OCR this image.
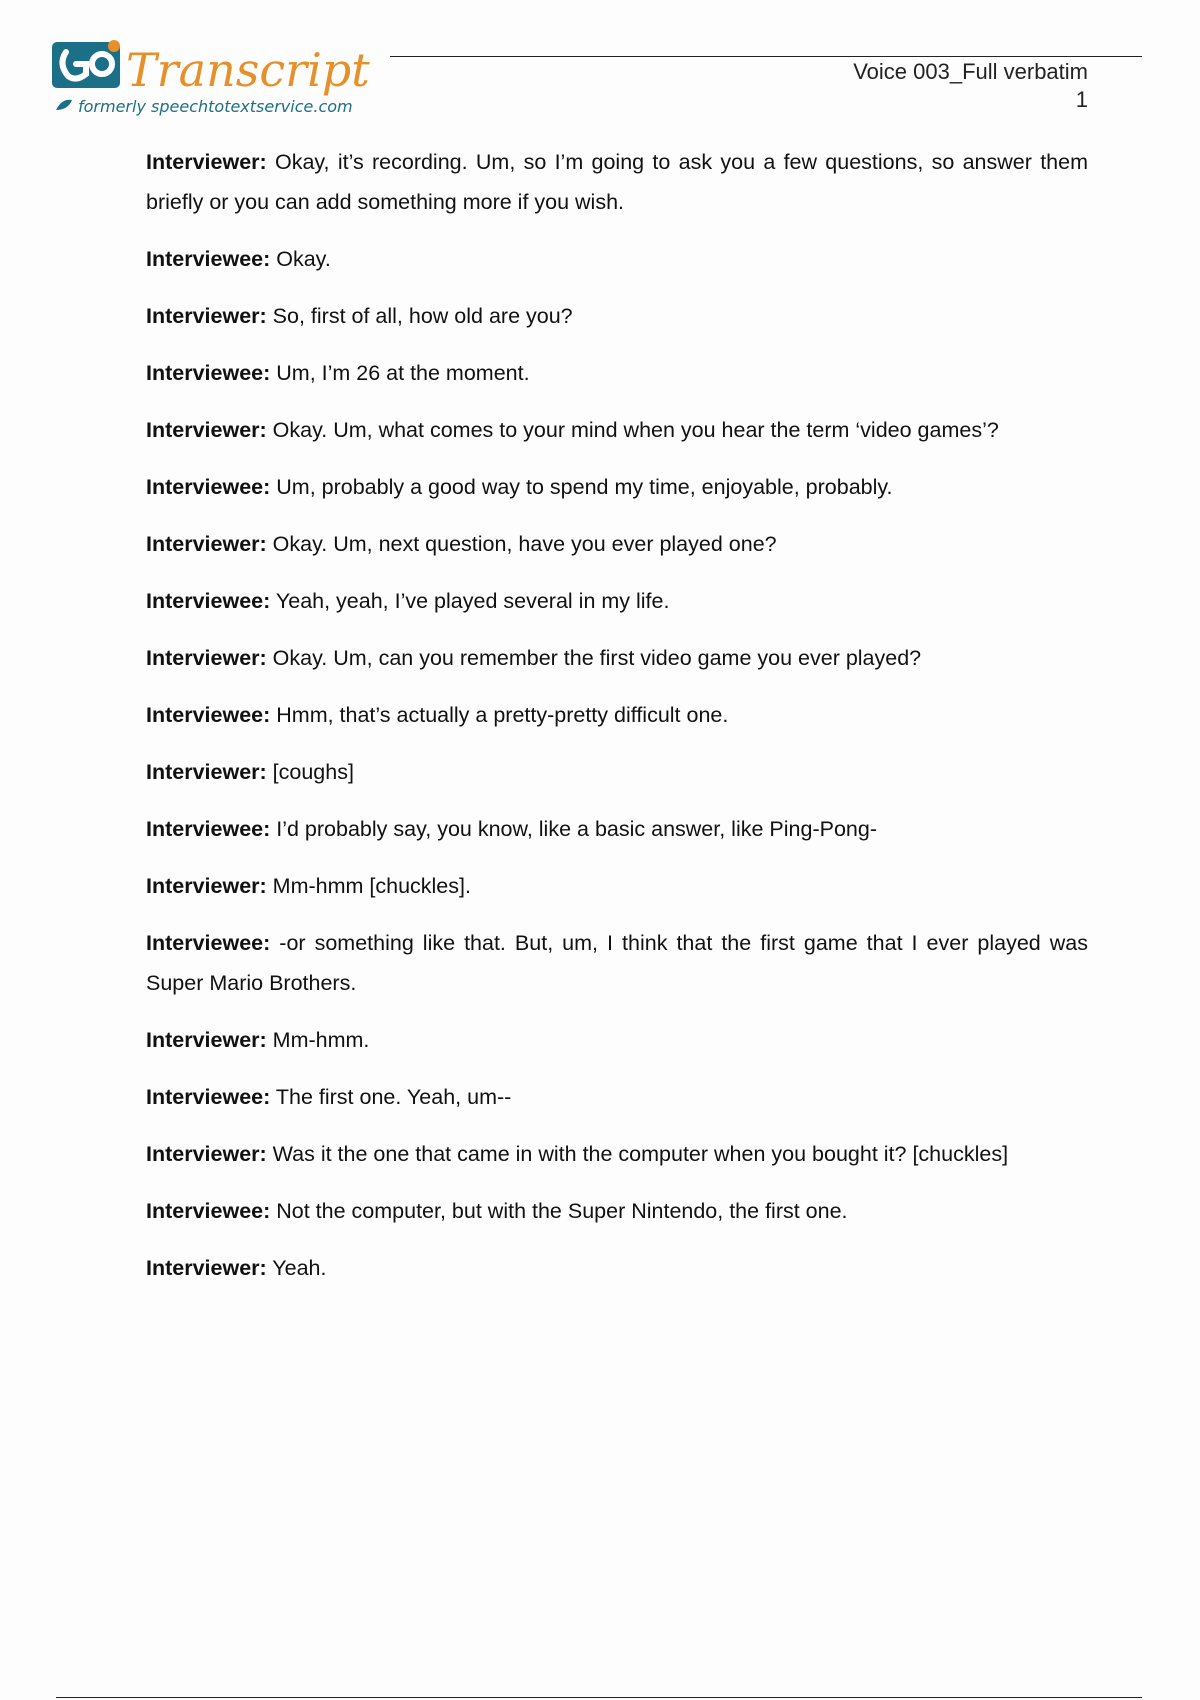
Transcript
formerly speechtotextservice.com
Voice 003_Full verbatim
1

Interviewer: Okay, it’s recording. Um, so I’m going to ask you a few questions, so answer them briefly or you can add something more if you wish.

Interviewee: Okay.

Interviewer: So, first of all, how old are you?

Interviewee: Um, I’m 26 at the moment.

Interviewer: Okay. Um, what comes to your mind when you hear the term ‘video games’?

Interviewee: Um, probably a good way to spend my time, enjoyable, probably.

Interviewer: Okay. Um, next question, have you ever played one?

Interviewee: Yeah, yeah, I’ve played several in my life.

Interviewer: Okay. Um, can you remember the first video game you ever played?

Interviewee: Hmm, that’s actually a pretty-pretty difficult one.

Interviewer: [coughs]

Interviewee: I’d probably say, you know, like a basic answer, like Ping-Pong-

Interviewer: Mm-hmm [chuckles].

Interviewee: -or something like that. But, um, I think that the first game that I ever played was Super Mario Brothers.

Interviewer: Mm-hmm.

Interviewee: The first one. Yeah, um--

Interviewer: Was it the one that came in with the computer when you bought it? [chuckles]

Interviewee: Not the computer, but with the Super Nintendo, the first one.

Interviewer: Yeah.
